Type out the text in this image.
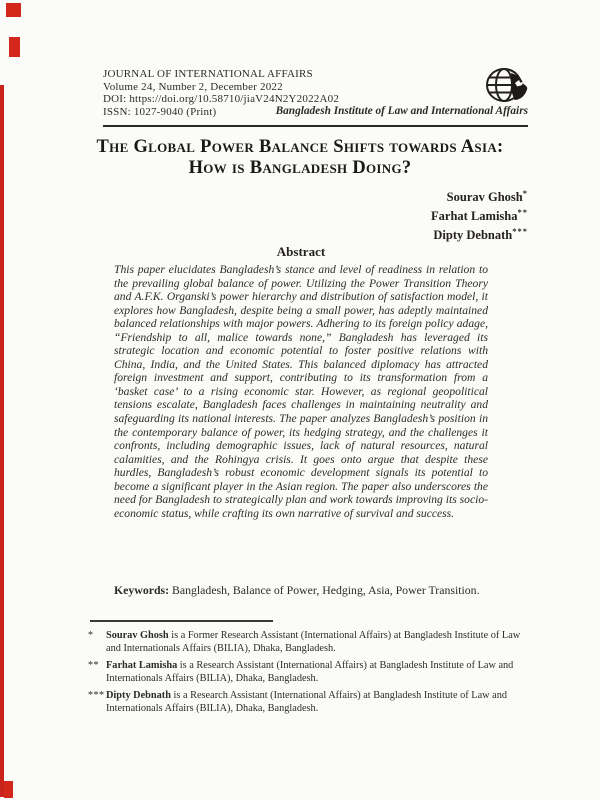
JOURNAL OF INTERNATIONAL AFFAIRS

Volume 24, Number 2, December 2022

DOI: https://doi.org/10.58710/jiaV24N2Y2022A02

ISSN: 1027-9040 (Print)	Bangladesh Institute of Law and International Affairs
The Global Power Balance Shifts towards Asia:
How is Bangladesh Doing?
Sourav Ghosh*
Farhat Lamisha**
Dipty Debnath***
Abstract
This paper elucidates Bangladesh’s stance and level of readiness in relation to the prevailing global balance of power. Utilizing the Power Transition Theory and A.F.K. Organski’s power hierarchy and distribution of satisfaction model, it explores how Bangladesh, despite being a small power, has adeptly maintained balanced relationships with major powers. Adhering to its foreign policy adage, “Friendship to all, malice towards none,” Bangladesh has leveraged its strategic location and economic potential to foster positive relations with China, India, and the United States. This balanced diplomacy has attracted foreign investment and support, contributing to its transformation from a ‘basket case’ to a rising economic star. However, as regional geopolitical tensions escalate, Bangladesh faces challenges in maintaining neutrality and safeguarding its national interests. The paper analyzes Bangladesh’s position in the contemporary balance of power, its hedging strategy, and the challenges it confronts, including demographic issues, lack of natural resources, natural calamities, and the Rohingya crisis. It goes onto argue that despite these hurdles, Bangladesh’s robust economic development signals its potential to become a significant player in the Asian region. The paper also underscores the need for Bangladesh to strategically plan and work towards improving its socio-economic status, while crafting its own narrative of survival and success.

Keywords: Bangladesh, Balance of Power, Hedging, Asia, Power Transition.

*	Sourav Ghosh is a Former Research Assistant (International Affairs) at Bangladesh Institute of Law and Internationals Affairs (BILIA), Dhaka, Bangladesh.
** Farhat Lamisha is a Research Assistant (International Affairs) at Bangladesh Institute of Law and Internationals Affairs (BILIA), Dhaka, Bangladesh.
*** Dipty Debnath is a Research Assistant (International Affairs) at Bangladesh Institute of Law and Internationals Affairs (BILIA), Dhaka, Bangladesh.
